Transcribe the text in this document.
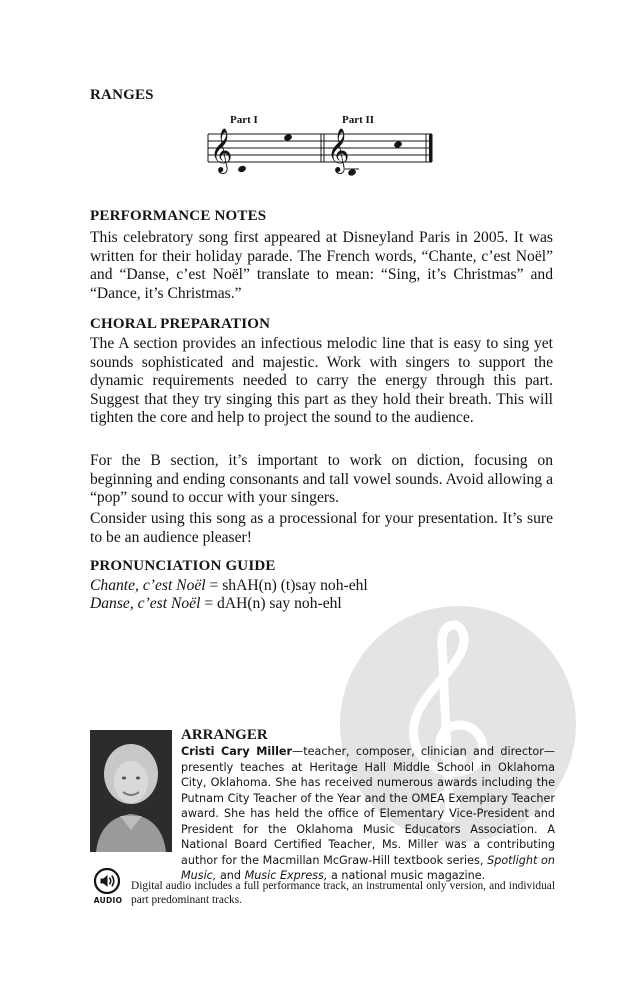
RANGES
Part I	Part II
𝄞 𝄞
PERFORMANCE NOTES

This celebratory song first appeared at Disneyland Paris in 2005. It was written for their holiday parade. The French words, “Chante, c’est Noël” and “Danse, c’est Noël” translate to mean: “Sing, it’s Christmas” and “Dance, it’s Christmas.”

CHORAL PREPARATION

The A section provides an infectious melodic line that is easy to sing yet sounds sophisticated and majestic. Work with singers to support the dynamic requirements needed to carry the energy through this part. Suggest that they try singing this part as they hold their breath. This will tighten the core and help to project the sound to the audience.

For the B section, it’s important to work on diction, focusing on beginning and ending consonants and tall vowel sounds. Avoid allowing a “pop” sound to occur with your singers.

Consider using this song as a processional for your presentation. It’s sure to be an audience pleaser!

PRONUNCIATION GUIDE

Chante, c’est Noël = shAH(n) (t)say noh-ehl

Danse, c’est Noël = dAH(n) say noh-ehl

ARRANGER

Cristi Cary Miller—teacher, composer, clinician and director—presently teaches at Heritage Hall Middle School in Oklahoma City, Oklahoma. She has received numerous awards including the Putnam City Teacher of the Year and the OMEA Exemplary Teacher award. She has held the office of Elementary Vice-President and President for the Oklahoma Music Educators Association. A National Board Certified Teacher, Ms. Miller was a contributing author for the Macmillan McGraw-Hill textbook series, Spotlight on Music, and Music Express, a national music magazine.

AUDIO

Digital audio includes a full performance track, an instrumental only version, and individual part predominant tracks.
